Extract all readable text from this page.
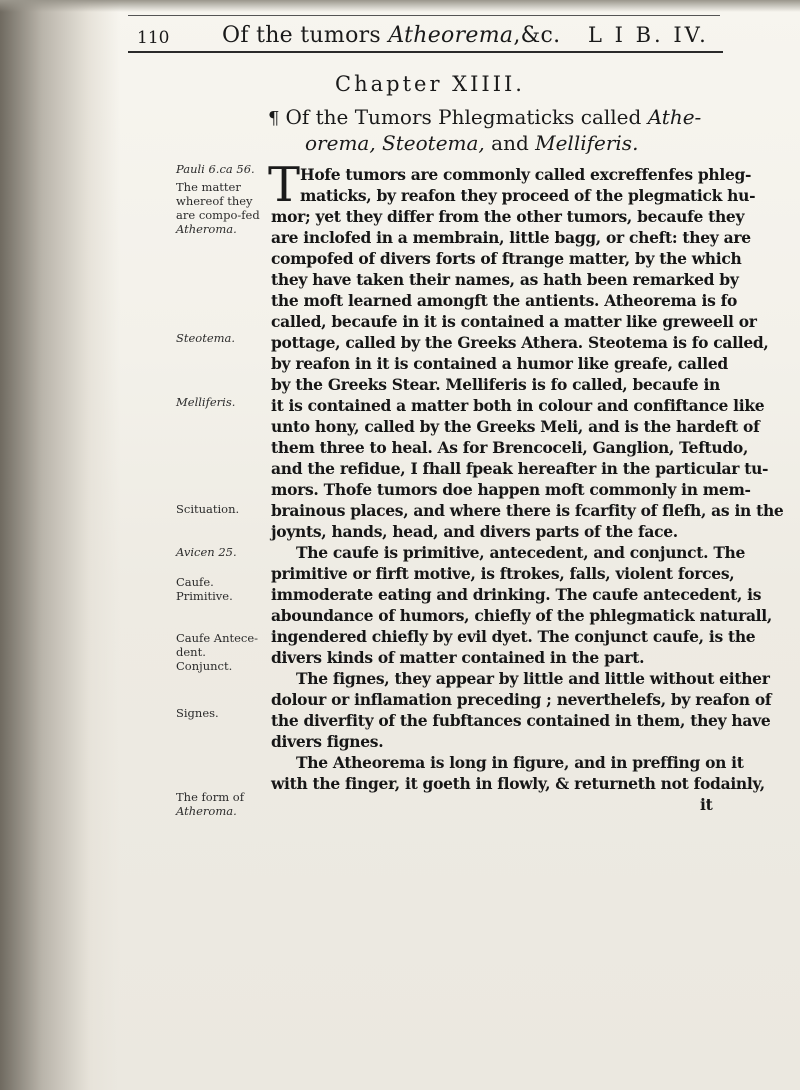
110 Of the tumors Atheorema,&c. L I B. IV.
Chapter XIIII.
¶ Of the Tumors Phlegmaticks called Athe-
orema, Steotema, and Melliferis.
Pauli 6.ca 56.
The matter
whereof they
are compo-fed
Atheroma.
Steotema.
Melliferis.
Scituation.
Avicen 25.
T Hofe tumors are commonly called excreffenfes phleg-
maticks, by reafon they proceed of the plegmatick hu-
mor; yet they differ from the other tumors, becaufe they
are inclofed in a membrain, little bagg, or cheft: they are
compofed of divers forts of ftrange matter, by the which
they have taken their names, as hath been remarked by
the moft learned amongft the antients. Atheorema is fo
called, becaufe in it is contained a matter like greweell or
pottage, called by the Greeks Athera. Steotema is fo called,
by reafon in it is contained a humor like greafe, called
by the Greeks Stear. Melliferis is fo called, becaufe in
it is contained a matter both in colour and confiftance like
unto hony, called by the Greeks Meli, and is the hardeft of
them three to heal. As for Brencoceli, Ganglion, Teftudo,
and the refidue, I fhall fpeak hereafter in the particular tu-
mors. Thofe tumors doe happen moft commonly in mem-
brainous places, and where there is fcarfity of flefh, as in the
joynts, hands, head, and divers parts of the face.
The caufe is primitive, antecedent, and conjunct. The
Caufe.
Primitive.
Caufe Antece-
dent.
Conjunct.
Signes.
The form of
Atheroma.
primitive or firft motive, is ftrokes, falls, violent forces,
immoderate eating and drinking. The caufe antecedent, is
aboundance of humors, chiefly of the phlegmatick naturall,
ingendered chiefly by evil dyet. The conjunct caufe, is the
divers kinds of matter contained in the part.
The fignes, they appear by little and little without either
dolour or inflamation preceding ; neverthelefs, by reafon of
the diverfity of the fubftances contained in them, they have
divers fignes.
The Atheorema is long in figure, and in preffing on it
with the finger, it goeth in flowly, & returneth not fodainly,
it
